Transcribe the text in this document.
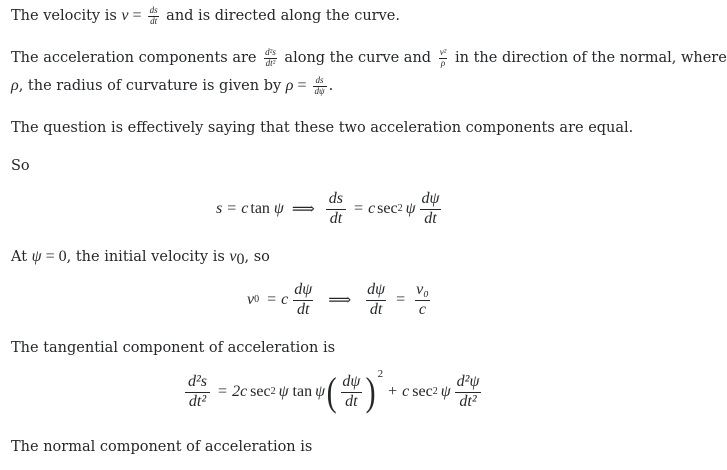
The velocity is $v = \frac{ds}{dt}$ and is directed along the curve.
The acceleration components are $\frac{\text{d²s}}{\text{dt²}}$ along the curve and $\frac{\text{v²}}{\rho}$ in the direction of the normal, where
ρ, the radius of curvature is given by $\rho = \frac{ds}{d\psi}$ .
The question is effectively saying that these two acceleration components are equal.
So
s = c tan ψ ⟹ $\frac{ds}{dt} = c$ sec 2 ψ $\frac{d\psi}{dt}$
At ψ = 0, the initial velocity is $v_0$, so
v 0 = c $\frac{d\psi}{dt}$ ⟹ $\frac{d\psi}{dt} = \frac{\text{v₀}}{c}$
The tangential component of acceleration is
$\frac{\text{d²s}}{\text{dt²}} = 2c$ sec 2 ψ tan ψ ( $\frac{d\psi}{dt}$ ) 2
+ c sec 2 ψ $\frac{\text{d²ψ}}{\text{dt²}}$
The normal component of acceleration is
